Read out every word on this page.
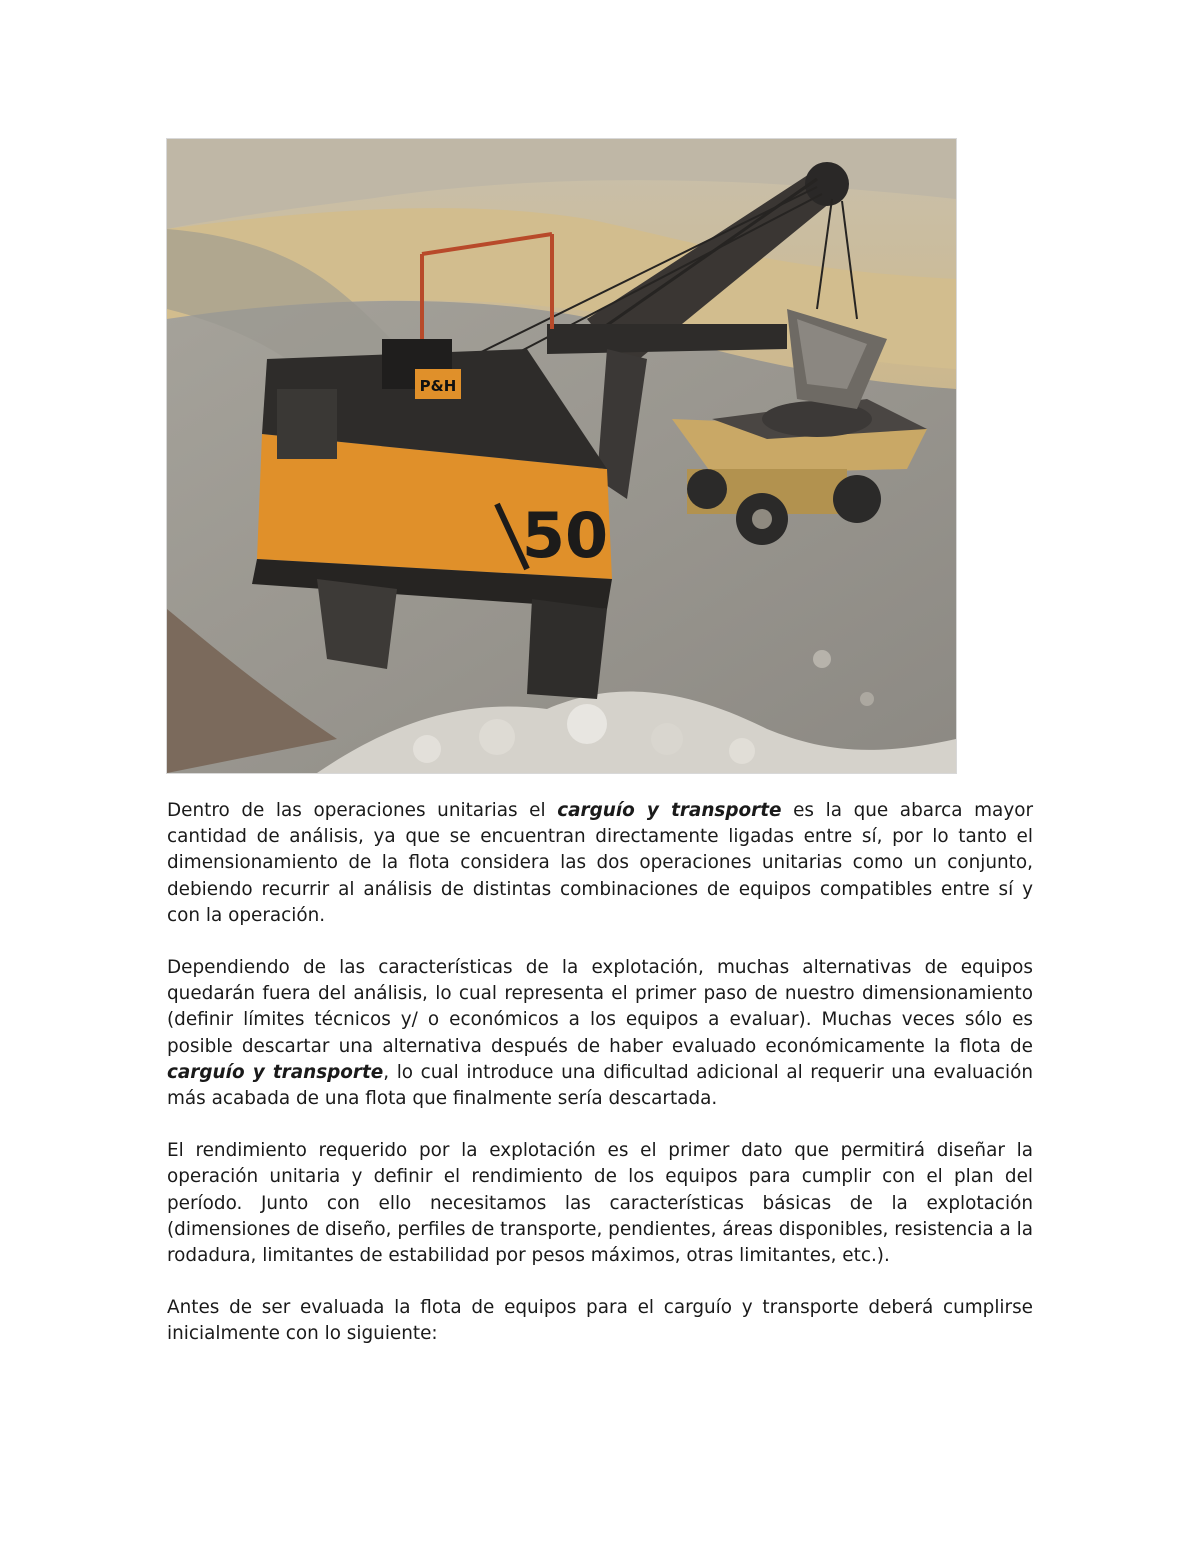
P&H
50

Dentro de las operaciones unitarias el carguío y transporte es la que abarca mayor cantidad de análisis, ya que se encuentran directamente ligadas entre sí, por lo tanto el dimensionamiento de la flota considera las dos operaciones unitarias como un conjunto, debiendo recurrir al análisis de distintas combinaciones de equipos compatibles entre sí y con la operación.

Dependiendo de las características de la explotación, muchas alternativas de equipos quedarán fuera del análisis, lo cual representa el primer paso de nuestro dimensionamiento (definir límites técnicos y/ o económicos a los equipos a evaluar). Muchas veces sólo es posible descartar una alternativa después de haber evaluado económicamente la flota de carguío y transporte, lo cual introduce una dificultad adicional al requerir una evaluación más acabada de una flota que finalmente sería descartada.

El rendimiento requerido por la explotación es el primer dato que permitirá diseñar la operación unitaria y definir el rendimiento de los equipos para cumplir con el plan del período. Junto con ello necesitamos las características básicas de la explotación (dimensiones de diseño, perfiles de transporte, pendientes, áreas disponibles, resistencia a la rodadura, limitantes de estabilidad por pesos máximos, otras limitantes, etc.).

Antes de ser evaluada la flota de equipos para el carguío y transporte deberá cumplirse inicialmente con lo siguiente:
